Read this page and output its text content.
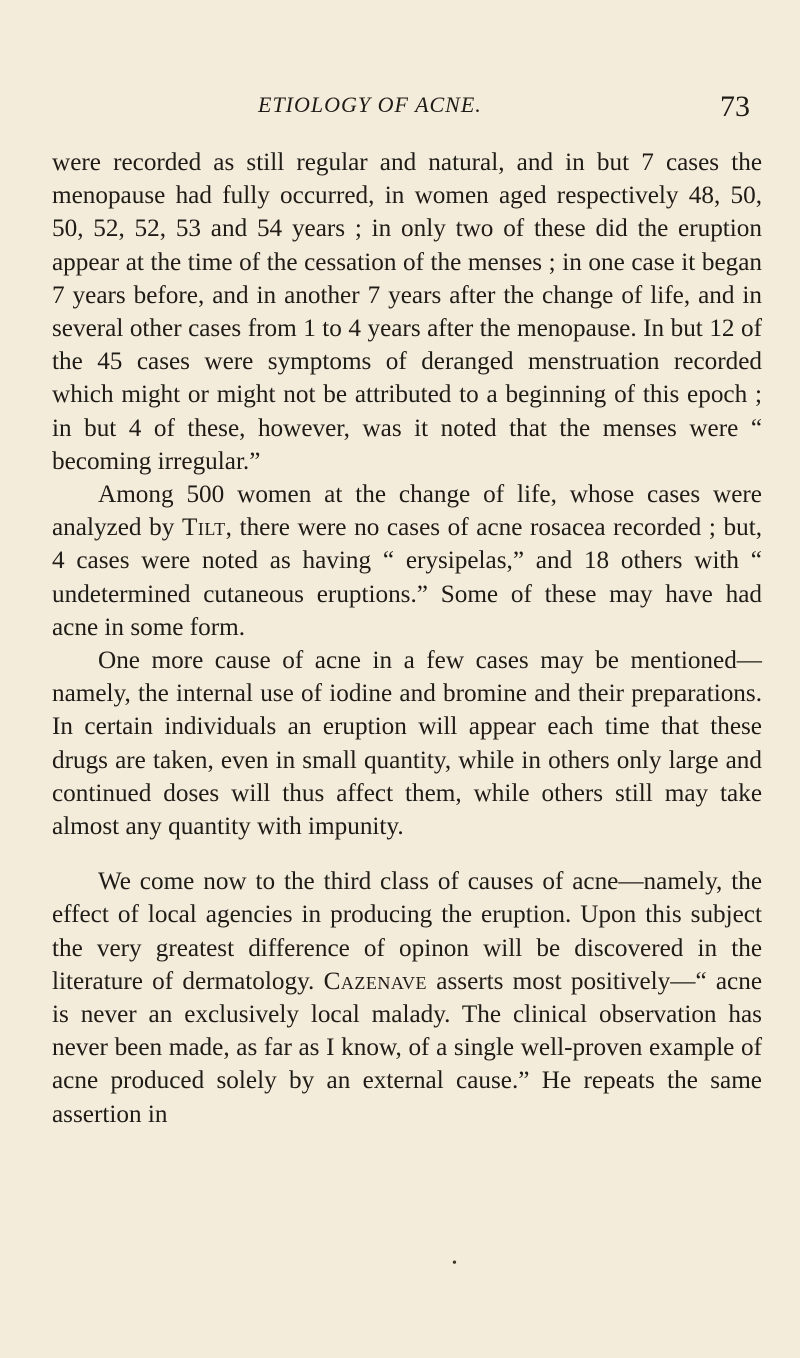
ETIOLOGY OF ACNE.	73

were recorded as still regular and natural, and in but 7 cases the menopause had fully occurred, in women aged respectively 48, 50, 50, 52, 52, 53 and 54 years ; in only two of these did the eruption appear at the time of the cessation of the menses ; in one case it began 7 years before, and in another 7 years after the change of life, and in several other cases from 1 to 4 years after the menopause. In but 12 of the 45 cases were symptoms of deranged menstruation recorded which might or might not be attributed to a beginning of this epoch ; in but 4 of these, however, was it noted that the menses were “ becoming irregular.”

Among 500 women at the change of life, whose cases were analyzed by Tilt, there were no cases of acne rosacea recorded ; but, 4 cases were noted as having “ erysipelas,” and 18 others with “ undetermined cutaneous eruptions.” Some of these may have had acne in some form.

One more cause of acne in a few cases may be mentioned—namely, the internal use of iodine and bromine and their preparations. In certain individuals an eruption will appear each time that these drugs are taken, even in small quantity, while in others only large and continued doses will thus affect them, while others still may take almost any quantity with impunity.

We come now to the third class of causes of acne—namely, the effect of local agencies in producing the eruption. Upon this subject the very greatest difference of opinon will be discovered in the literature of dermatology. Cazenave asserts most positively—“ acne is never an exclusively local malady. The clinical observation has never been made, as far as I know, of a single well-proven example of acne produced solely by an external cause.” He repeats the same assertion in

•
